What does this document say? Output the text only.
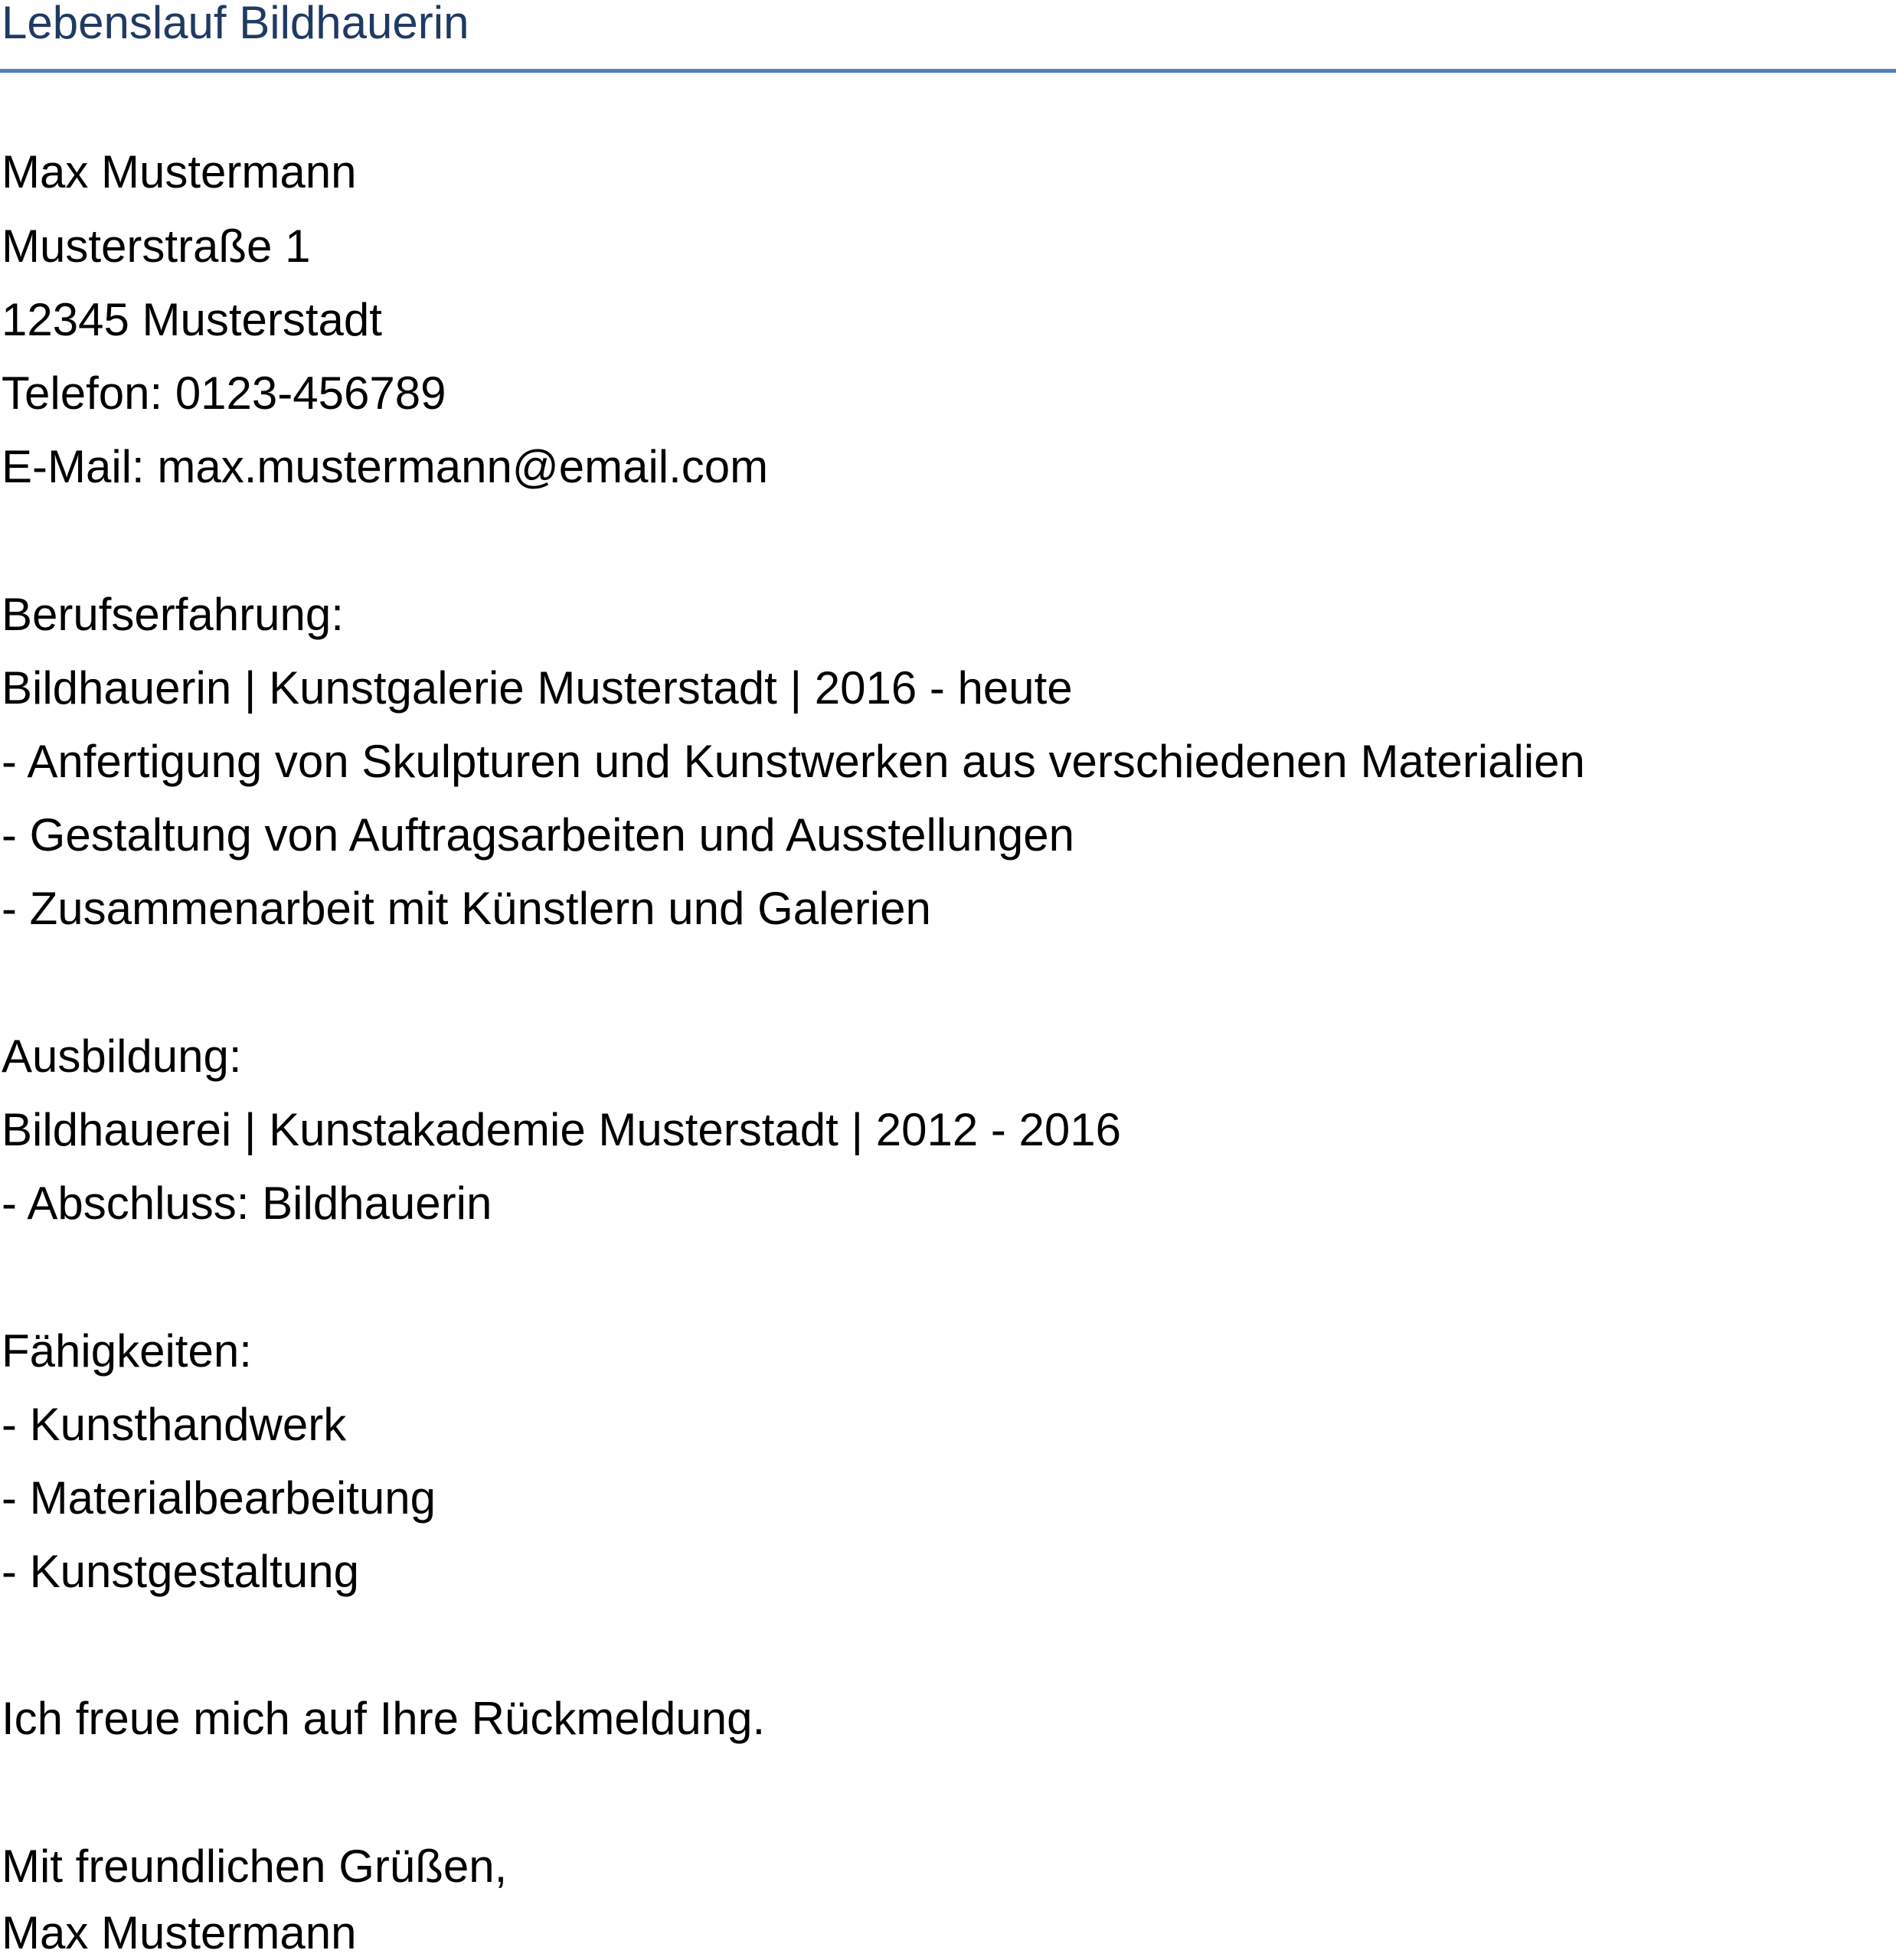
Lebenslauf Bildhauerin
Max Mustermann
Musterstraße 1
12345 Musterstadt
Telefon: 0123-456789
E-Mail: max.mustermann@email.com
Berufserfahrung:
Bildhauerin | Kunstgalerie Musterstadt | 2016 - heute
- Anfertigung von Skulpturen und Kunstwerken aus verschiedenen Materialien
- Gestaltung von Auftragsarbeiten und Ausstellungen
- Zusammenarbeit mit Künstlern und Galerien
Ausbildung:
Bildhauerei | Kunstakademie Musterstadt | 2012 - 2016
- Abschluss: Bildhauerin
Fähigkeiten:
- Kunsthandwerk
- Materialbearbeitung
- Kunstgestaltung
Ich freue mich auf Ihre Rückmeldung.
Mit freundlichen Grüßen,
Max Mustermann
